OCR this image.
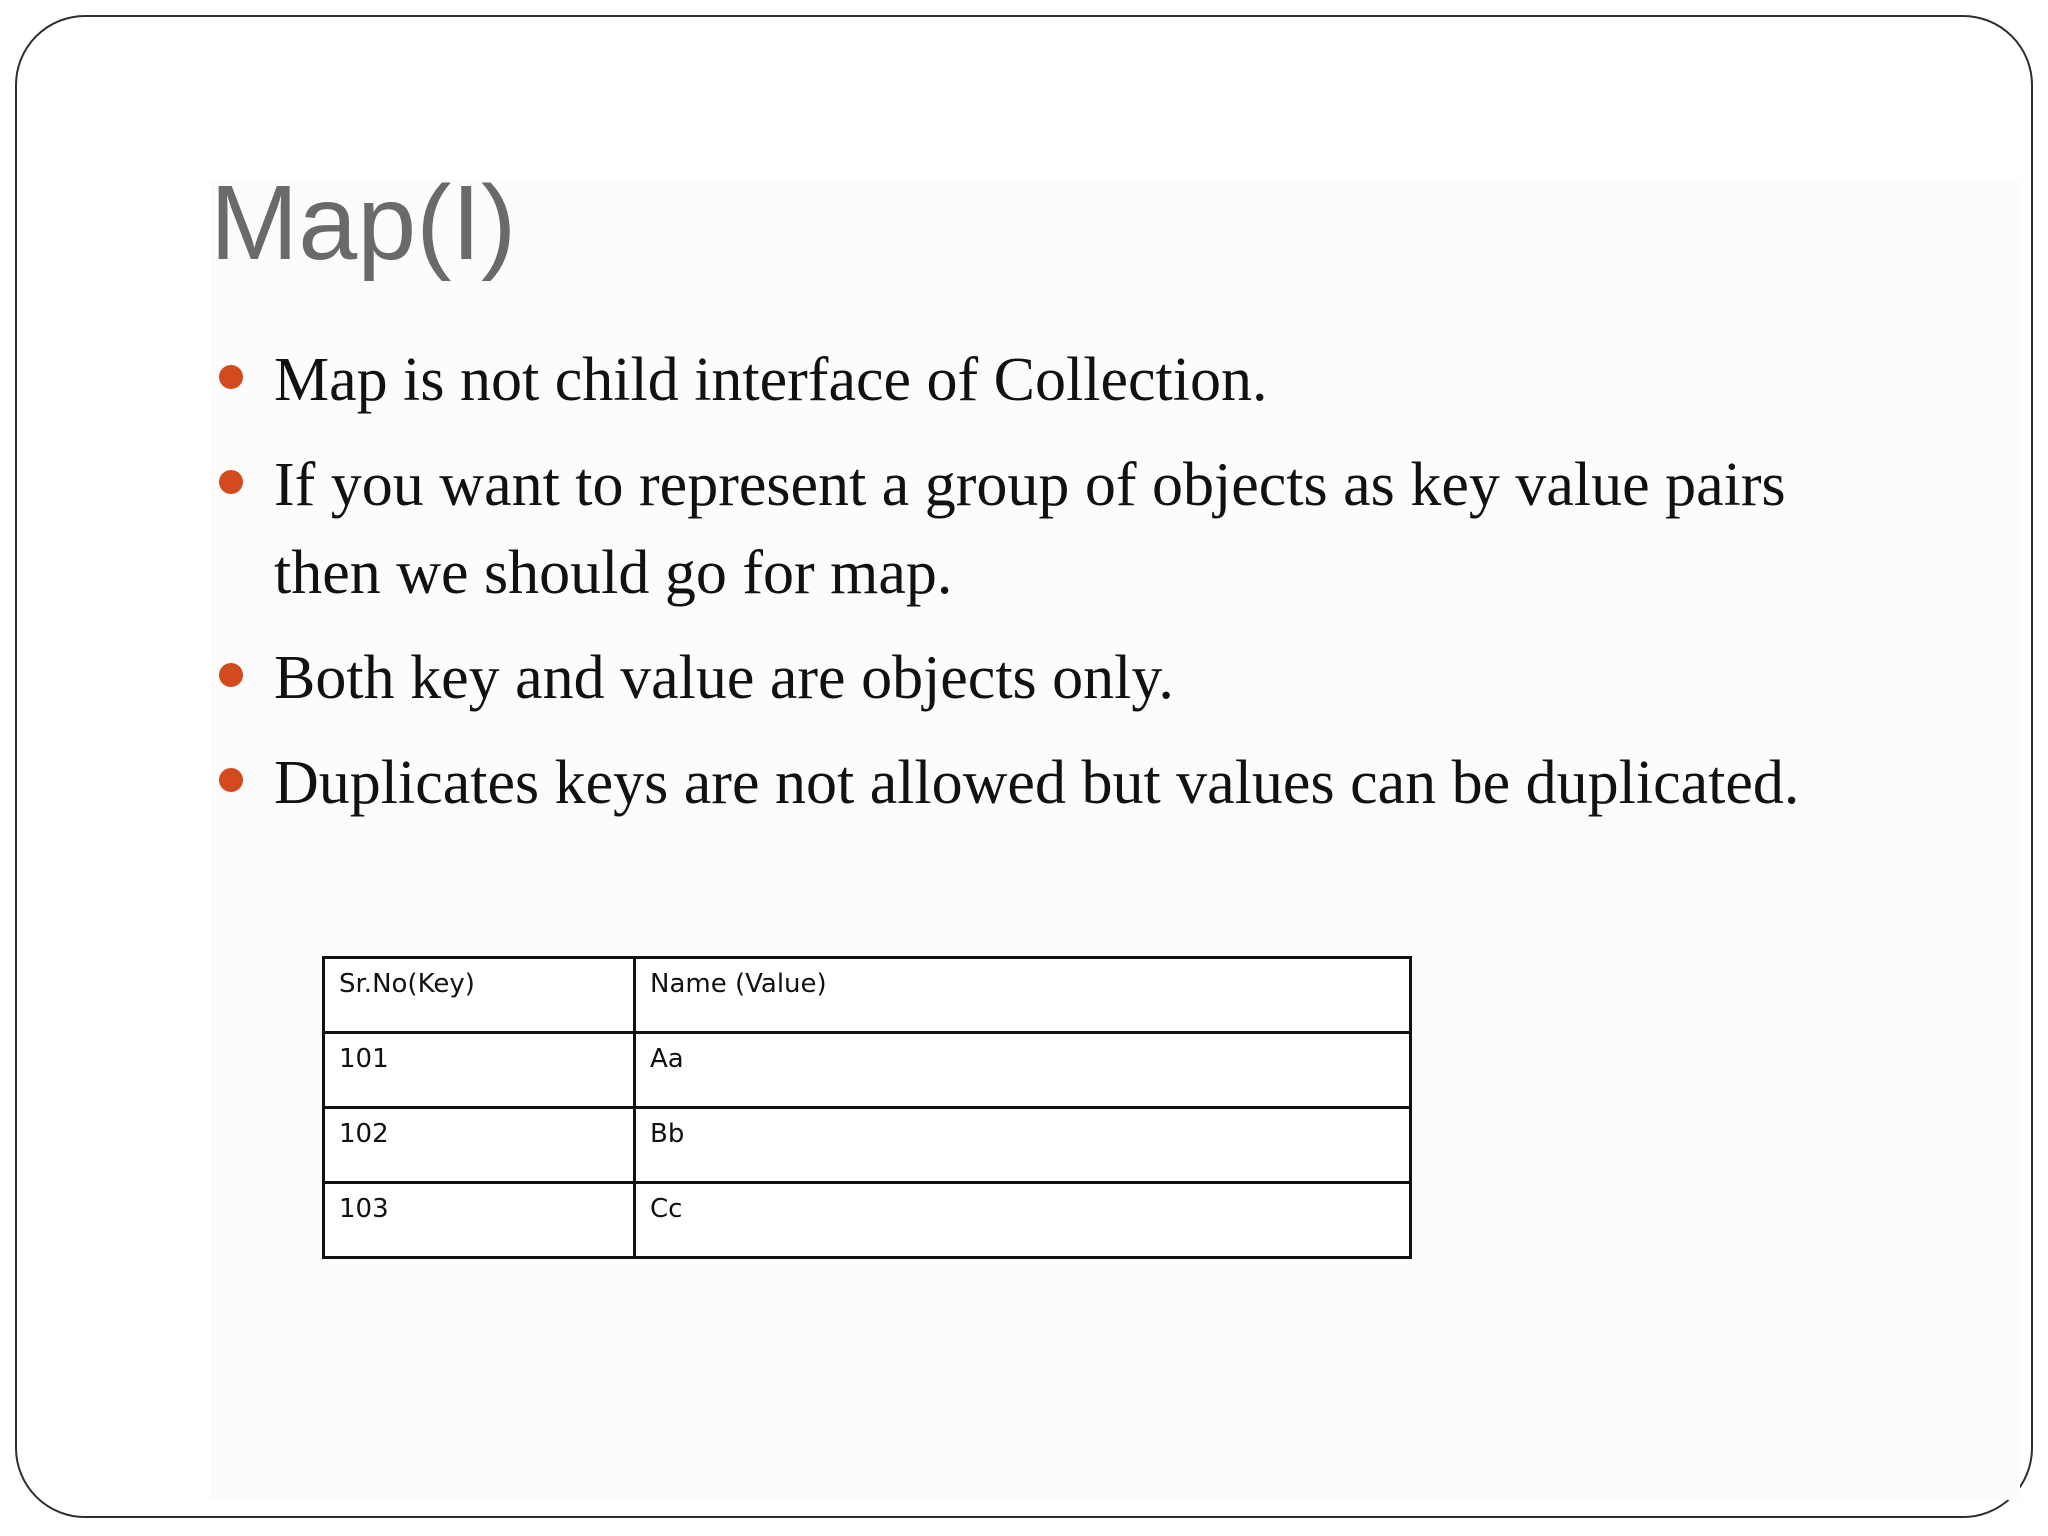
Map(I)
Map is not child interface of Collection.
If you want to represent a group of objects as key value pairs
then we should go for map.
Both key and value are objects only.
Duplicates keys are not allowed but values can be duplicated.
Sr.No(Key)	Name (Value)
101	Aa
102	Bb
103	Cc
